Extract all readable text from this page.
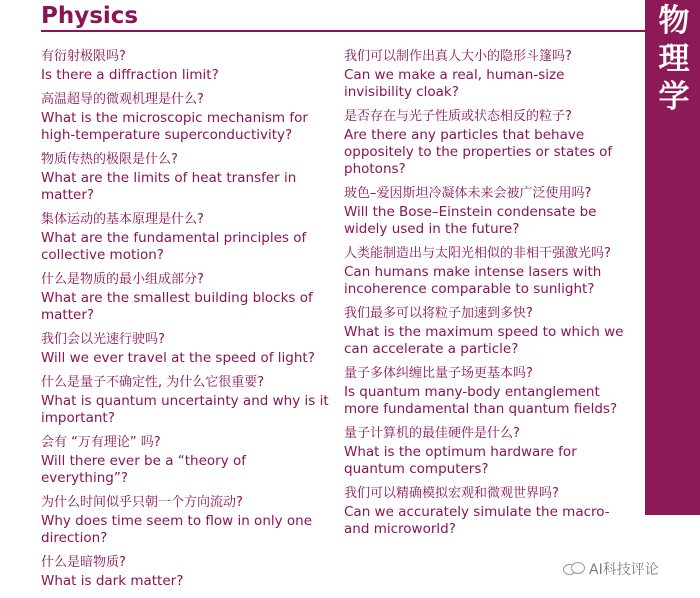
Physics	物
理
学
有衍射极限吗?
Is there a diffraction limit?
高温超导的微观机理是什么?
What is the microscopic mechanism for high-temperature superconductivity?
物质传热的极限是什么?
What are the limits of heat transfer in matter?
集体运动的基本原理是什么?
What are the fundamental principles of collective motion?
什么是物质的最小组成部分?
What are the smallest building blocks of matter?
我们会以光速行驶吗?
Will we ever travel at the speed of light?
什么是量子不确定性, 为什么它很重要?
What is quantum uncertainty and why is it important?
会有 “万有理论” 吗?
Will there ever be a “theory of everything”?
为什么时间似乎只朝一个方向流动?
Why does time seem to flow in only one direction?
什么是暗物质?
What is dark matter?
我们可以制作出真人大小的隐形斗篷吗?
Can we make a real, human-size invisibility cloak?
是否存在与光子性质或状态相反的粒子?
Are there any particles that behave oppositely to the properties or states of photons?
玻色–爱因斯坦冷凝体未来会被广泛使用吗?
Will the Bose–Einstein condensate be widely used in the future?
人类能制造出与太阳光相似的非相干强激光吗?
Can humans make intense lasers with incoherence comparable to sunlight?
我们最多可以将粒子加速到多快?
What is the maximum speed to which we can accelerate a particle?
量子多体纠缠比量子场更基本吗?
Is quantum many-body entanglement more fundamental than quantum fields?
量子计算机的最佳硬件是什么?
What is the optimum hardware for quantum computers?
我们可以精确模拟宏观和微观世界吗?
Can we accurately simulate the macro- and microworld?
AI科技评论
